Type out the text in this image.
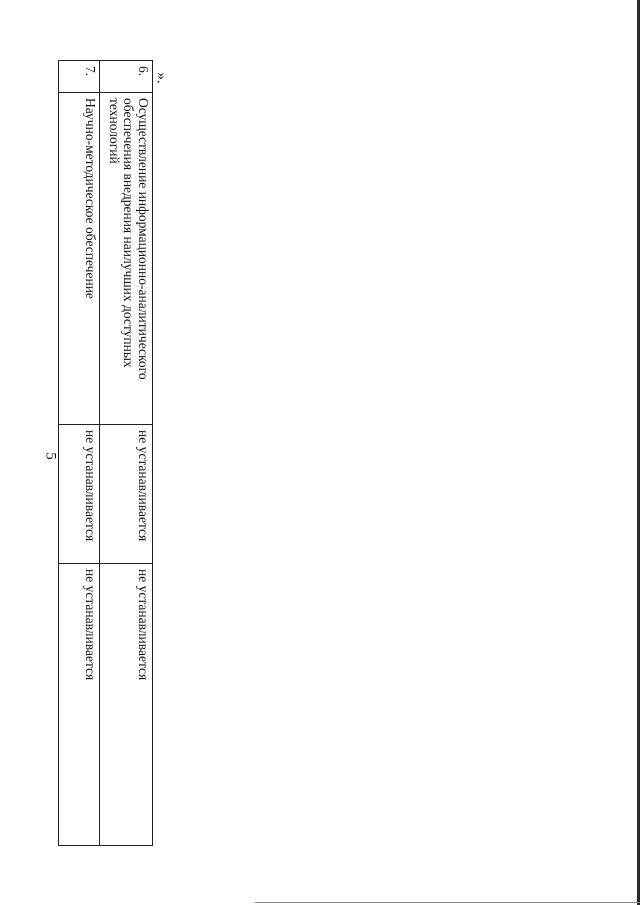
5
6.	Осуществление информационно-аналитического обеспечения внедрения наилучших доступных технологий	не устанавливается	не устанавливается
7.	Научно-методическое обеспечение	не устанавливается	не устанавливается
».
